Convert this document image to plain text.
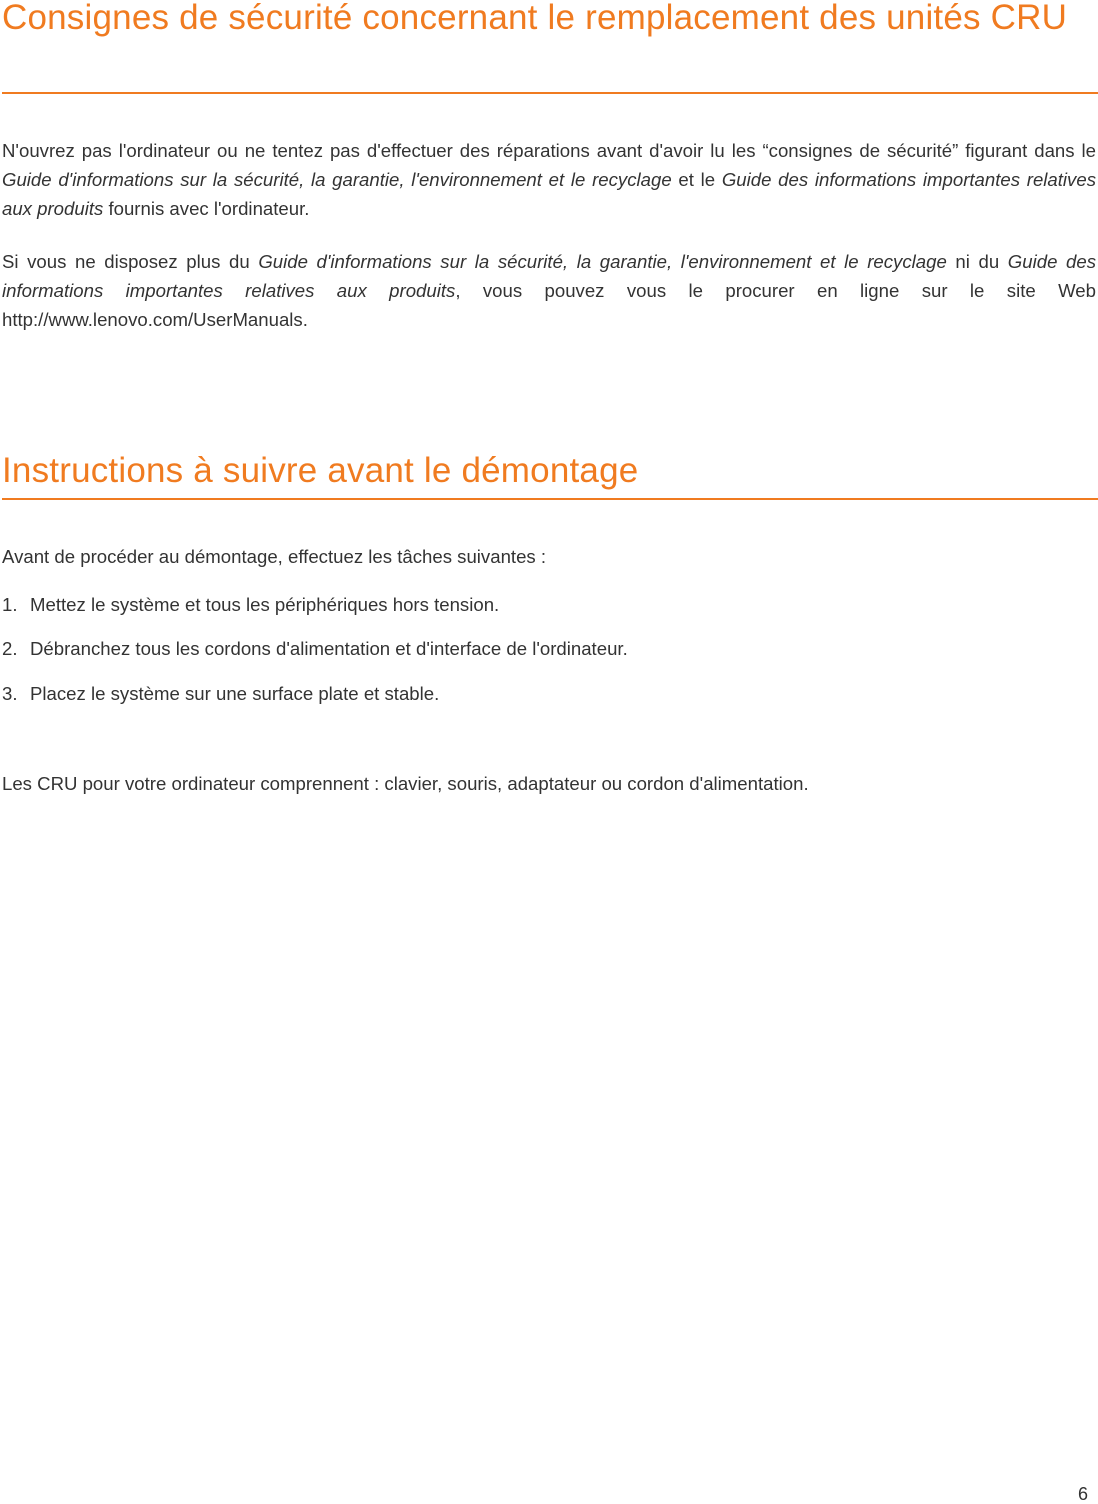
Consignes de sécurité concernant le remplacement des unités CRU

N'ouvrez pas l'ordinateur ou ne tentez pas d'effectuer des réparations avant d'avoir lu les “consignes de sécurité” figurant dans le Guide d'informations sur la sécurité, la garantie, l'environnement et le recyclage et le Guide des informations importantes relatives aux produits fournis avec l'ordinateur.

Si vous ne disposez plus du Guide d'informations sur la sécurité, la garantie, l'environnement et le recyclage ni du Guide des informations importantes relatives aux produits, vous pouvez vous le procurer en ligne sur le site Web http://www.lenovo.com/UserManuals.

Instructions à suivre avant le démontage

Avant de procéder au démontage, effectuez les tâches suivantes :

1. Mettez le système et tous les périphériques hors tension.

2. Débranchez tous les cordons d'alimentation et d'interface de l'ordinateur.

3. Placez le système sur une surface plate et stable.

Les CRU pour votre ordinateur comprennent : clavier, souris, adaptateur ou cordon d'alimentation.

6
